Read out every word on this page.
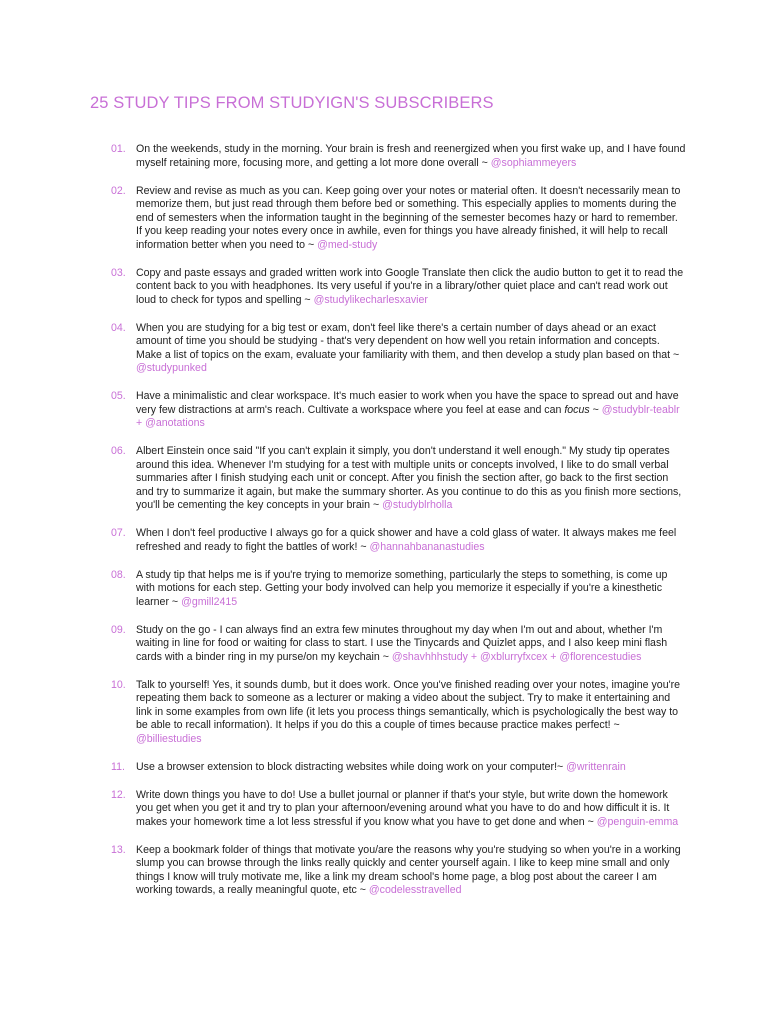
25 STUDY TIPS FROM STUDYIGN'S SUBSCRIBERS
01. On the weekends, study in the morning. Your brain is fresh and reenergized when you first wake up, and I have found myself retaining more, focusing more, and getting a lot more done overall ~ @sophiammeyers
02. Review and revise as much as you can. Keep going over your notes or material often. It doesn't necessarily mean to memorize them, but just read through them before bed or something. This especially applies to moments during the end of semesters when the information taught in the beginning of the semester becomes hazy or hard to remember. If you keep reading your notes every once in awhile, even for things you have already finished, it will help to recall information better when you need to ~ @med-study
03. Copy and paste essays and graded written work into Google Translate then click the audio button to get it to read the content back to you with headphones. Its very useful if you're in a library/other quiet place and can't read work out loud to check for typos and spelling ~ @studylikecharlesxavier
04. When you are studying for a big test or exam, don't feel like there's a certain number of days ahead or an exact amount of time you should be studying - that's very dependent on how well you retain information and concepts. Make a list of topics on the exam, evaluate your familiarity with them, and then develop a study plan based on that ~ @studypunked
05. Have a minimalistic and clear workspace. It's much easier to work when you have the space to spread out and have very few distractions at arm's reach. Cultivate a workspace where you feel at ease and can focus ~ @studyblr-teablr + @anotations
06. Albert Einstein once said "If you can't explain it simply, you don't understand it well enough." My study tip operates around this idea. Whenever I'm studying for a test with multiple units or concepts involved, I like to do small verbal summaries after I finish studying each unit or concept. After you finish the section after, go back to the first section and try to summarize it again, but make the summary shorter. As you continue to do this as you finish more sections, you'll be cementing the key concepts in your brain ~ @studyblrholla
07. When I don't feel productive I always go for a quick shower and have a cold glass of water. It always makes me feel refreshed and ready to fight the battles of work! ~ @hannahbananastudies
08. A study tip that helps me is if you're trying to memorize something, particularly the steps to something, is come up with motions for each step. Getting your body involved can help you memorize it especially if you're a kinesthetic learner ~ @gmill2415
09. Study on the go - I can always find an extra few minutes throughout my day when I'm out and about, whether I'm waiting in line for food or waiting for class to start. I use the Tinycards and Quizlet apps, and I also keep mini flash cards with a binder ring in my purse/on my keychain ~ @shavhhhstudy + @xblurryfxcex + @florencestudies
10. Talk to yourself! Yes, it sounds dumb, but it does work. Once you've finished reading over your notes, imagine you're repeating them back to someone as a lecturer or making a video about the subject. Try to make it entertaining and link in some examples from own life (it lets you process things semantically, which is psychologically the best way to be able to recall information). It helps if you do this a couple of times because practice makes perfect! ~ @billiestudies
11.	Use a browser extension to block distracting websites while doing work on your computer!~ @writtenrain
12. Write down things you have to do! Use a bullet journal or planner if that's your style, but write down the homework you get when you get it and try to plan your afternoon/evening around what you have to do and how difficult it is. It makes your homework time a lot less stressful if you know what you have to get done and when ~ @penguin-emma
13. Keep a bookmark folder of things that motivate you/are the reasons why you're studying so when you're in a working slump you can browse through the links really quickly and center yourself again. I like to keep mine small and only things I know will truly motivate me, like a link my dream school's home page, a blog post about the career I am working towards, a really meaningful quote, etc ~ @codelesstravelled
